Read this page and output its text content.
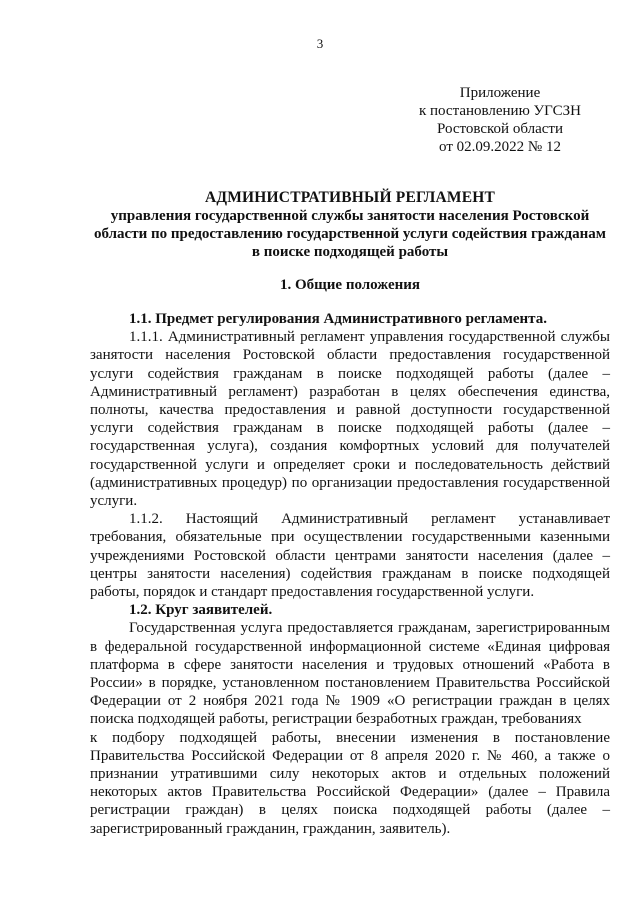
3
Приложение
к постановлению УГСЗН
Ростовской области
от 02.09.2022 № 12
АДМИНИСТРАТИВНЫЙ РЕГЛАМЕНТ
управления государственной службы занятости населения Ростовской области по предоставлению государственной услуги содействия гражданам в поиске подходящей работы
1. Общие положения

1.1. Предмет регулирования Административного регламента.

1.1.1. Административный регламент управления государственной службы занятости населения Ростовской области предоставления государственной услуги содействия гражданам в поиске подходящей работы (далее – Административный регламент) разработан в целях обеспечения единства, полноты, качества предоставления и равной доступности государственной услуги содействия гражданам в поиске подходящей работы (далее – государственная услуга), создания комфортных условий для получателей государственной услуги и определяет сроки и последовательность действий (административных процедур) по организации предоставления государственной услуги.

1.1.2. Настоящий Административный регламент устанавливает требования, обязательные при осуществлении государственными казенными учреждениями Ростовской области центрами занятости населения (далее – центры занятости населения) содействия гражданам в поиске подходящей работы, порядок и стандарт предоставления государственной услуги.

1.2. Круг заявителей.

Государственная услуга предоставляется гражданам, зарегистрированным в федеральной государственной информационной системе «Единая цифровая платформа в сфере занятости населения и трудовых отношений «Работа в России» в порядке, установленном постановлением Правительства Российской Федерации от 2 ноября 2021 года № 1909 «О регистрации граждан в целях поиска подходящей работы, регистрации безработных граждан, требованиях

к подбору подходящей работы, внесении изменения в постановление Правительства Российской Федерации от 8 апреля 2020 г. № 460, а также о признании утратившими силу некоторых актов и отдельных положений некоторых актов Правительства Российской Федерации» (далее – Правила регистрации граждан) в целях поиска подходящей работы (далее – зарегистрированный гражданин, гражданин, заявитель).
